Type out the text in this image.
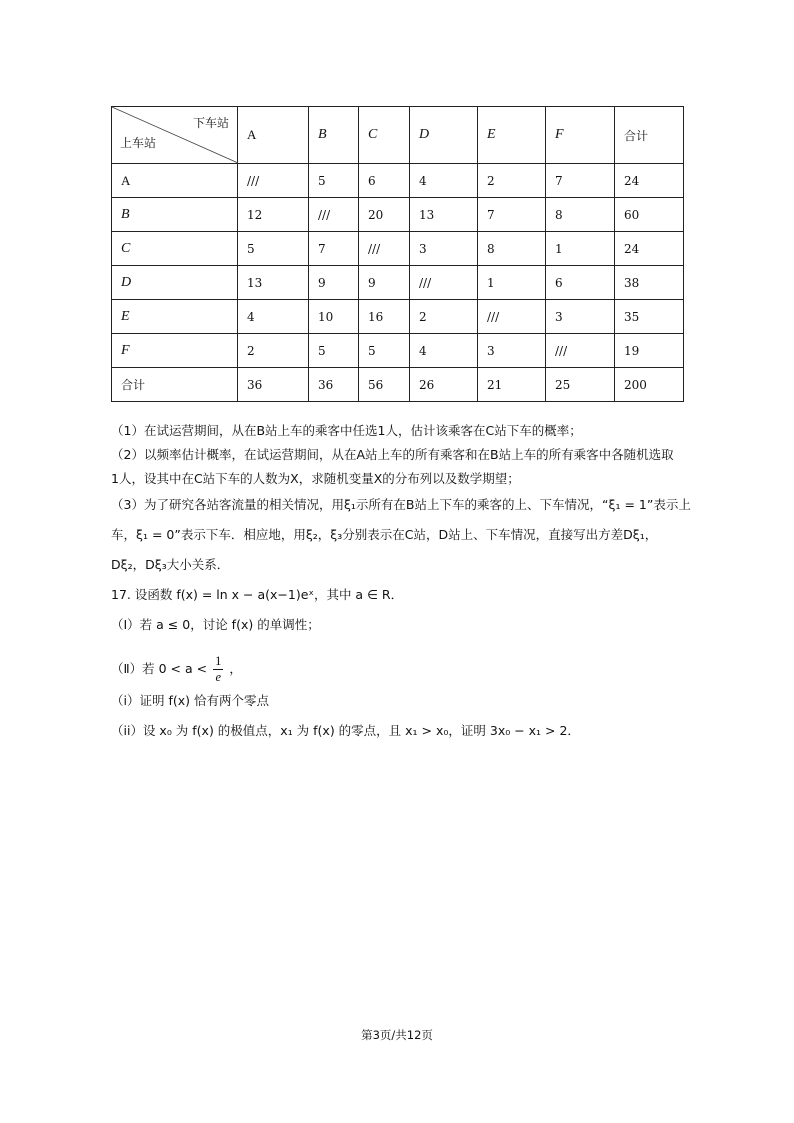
下车站
上车站	A	B	C	D	E	F	合计
A	///	5	6	4	2	7	24
B	12	///	20	13	7	8	60
C	5	7	///	3	8	1	24
D	13	9	9	///	1	6	38
E	4	10	16	2	///	3	35
F	2	5	5	4	3	///	19
合计	36	36	56	26	21	25	200
（1）在试运营期间，从在B站上车的乘客中任选1人，估计该乘客在C站下车的概率；
（2）以频率估计概率，在试运营期间，从在A站上车的所有乘客和在B站上车的所有乘客中各随机选取
1人，设其中在C站下车的人数为X，求随机变量X的分布列以及数学期望；
（3）为了研究各站客流量的相关情况，用ξ₁示所有在B站上下车的乘客的上、下车情况，“ξ₁ = 1”表示上
车，ξ₁ = 0”表示下车．相应地，用ξ₂，ξ₃分别表示在C站，D站上、下车情况，直接写出方差Dξ₁，
Dξ₂，Dξ₃大小关系．
17. 设函数 f(x) = ln x − a(x−1)eˣ，其中 a ∈ R．
（Ⅰ）若 a ≤ 0，讨论 f(x) 的单调性；
（Ⅱ）若 $0 < a < \frac{1}{e}$ ，
（i）证明 f(x) 恰有两个零点
（ii）设 x₀ 为 f(x) 的极值点，x₁ 为 f(x) 的零点，且 x₁ > x₀，证明 3x₀ − x₁ > 2．
第3页/共12页
